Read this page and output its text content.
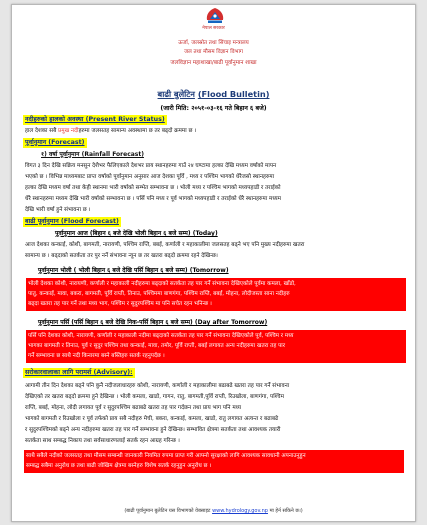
नेपाल सरकार
ऊर्जा, जलस्रोत तथा सिंचाइ मन्त्रालय
जल तथा मौसम विज्ञान विभाग
जलविज्ञान महाशाखा/बाढी पूर्वानुमान शाखा
बाढी बुलेटिन (Flood Bulletin)
(जारी मिति: २०५१-०३-१६ गते बिहान ६ बजे)
नदीहरुको हालको अवस्था (Present River Status)
हाल देशका सबै प्रमुख नदीहरुमा जलसतह सामान्य अवस्थामा छ तर बढ्दो क्रममा छ ।
पूर्वानुमान (Forecast)
१) वर्षा पूर्वानुमान (Rainfall Forecast)
विगत ३ दिन देखि सक्रिय मनसुन देशैभर फैलिएकाले देशभर प्राय स्थानहरुमा गाउँ २४ घण्टामा हल्का देखि मध्यम वर्षाको मापन
भएको छ । विभिन्न माध्यमबाट प्राप्त वर्षाको पूर्वानुमान अनुसार आज देशका पूर्वि , मध्य र पश्चिम भागको धेरैजसो स्थानहरुमा
हल्का देखि मध्यम वर्षा तथा केही स्थानमा भारी वर्षाको सम्भेत सम्भावना छ । भोली मध्य र पश्चिम भागको मध्यपहाडी र तराईको
धेरै स्थानहरुमा मध्यम देखि भारी वर्षाको सम्भावना छ । पर्सि पनि मध्य र पूर्व भागको मध्यपहाडी र तराईको धेरै स्थानहरुमा मध्यम
देखि भारी वर्षा हुने संभावना छ ।
बाढी पूर्वानुमान (Flood Forecast)
पूर्वानुमान आज (बिहान ६ बजे देखि भोली बिहान ६ बजे सम्म) (Today)
आज देशका कन्काई, कोशी, बागमती, नारायणी, पश्चिम राप्ति, बबई, कर्णाली र महाकालीमा जलसतह बढ्ने भए पनि मुख्य नदीहरुमा खतरा
सामान्य छ । बढ्दाको सतर्कता तर पुर नर्ने संभावना न्यून छ तर खतरा बढ्दो क्रममा रहने देखिन्छ।
पूर्वानुमान भोली ( भोली बिहान ६ बजे देखि पर्सि बिहान ६ बजे सम्म) (Tomorrow)
भोली देशका कोशी, नारायणी, कर्णाली र महाकाली नदीहरुमा बढ्दाको सतर्कता तह पार गर्ने संभावना देखिएकोले पूर्वमा कमला, खाँडो,
पातु, कन्काई, मावा, बकरा, बागमती, पूर्वि राप्ती, तिनाउ, पश्चिममा बाणगंगा, पश्चिम राप्ति, बबई, मोहना, लोदीजस्ता साना नदीहरु
बढ्दा खतरा तह पार गर्ने तथा मध्य भाग, पश्चिम र सुदुरपश्चिम मा पनि सचेत रहन भनिन्छ ।
पूर्वानुमान पर्सि (पर्सि बिहान ६ बजे देखि निक-पर्सि बिहान ६ बजे सम्म) (Day after Tomorrow)
पर्सि पनि देशका कोशी, नारायणी, कर्णाली र महाकाली नदीमा बढ्दाको सतर्कता तह पार गर्ने संभावना देखिएकोले पूर्व, पश्चिम र मध्य
भागका बागमती र तिनाउ, पूर्व र सुदुर पश्चिम तथा कन्काई, मावा, तमोर, पूर्वि राप्ती, बबई लगायत अन्य नदीहरुमा खतरा तह पार
गर्ने सम्भावना छ साथै नदी किनारमा बस्ने बस्तिहरु सतर्क रहनुपर्दछ ।
सरोकारवालाका लागि परामर्श (Advisory):
आगामी तीन दिन देशका बढ्ने पनि कुनै नदीजलाधारहरु कोशी, नारायणी, कर्णाली र महाकालीमा बढाबढे खतरा तह पार गर्ने संभावना
देखिएको तर खतरा बढ्दो क्रममा हुने देखिन्छ । भोली कमला, खाडो, गागन, रातु, बागमती,पूर्वि राप्ती, रिउखोला, बाणगंगा, पश्चिम
राप्ति, बबई, मोहना, लोदी लगायत पूर्व र सुदुरपश्चिम बढाबढे खतरा तह पार गर्दछन तथा प्राय भाग पनि मध्य
भागको बागमती र रिउखोला र पूर्व तर्फको प्राय सबै नदीहरु मेची, बकरा, कन्काई, कमला, खाडो, रातु लगायत अत्यन्त र बढाबढे
र सुदुरपश्चिमको बढ्ने अन्य नदीहरुमा खतरा तह पार गर्ने सम्भावना हुने देखिन्छ। सम्भावित क्षेत्रमा सतर्कता तथा आवश्यक तयारी
सतर्कता साथ सम्बद्ध निकाय तथा सर्वसाधारणलाई सतर्क रहन आग्रह गरिन्छ ।
साथै सबैले नदीको जलसतह तथा मौसम सम्बन्धी जानकारी नियमित रुपमा प्राप्त गरी आफ्नो सुरक्षाको लागि आवश्यक सावधानी अपनाउनुहुन
सम्बद्ध सबैमा अनुरोध छ तथा बाढी जोखिम क्षेत्रमा बस्नेहरु विशेष सतर्क रहनुहुन अनुरोध छ ।
(बाढी पूर्वानुमान बुलेटिन यस विभागको वेबसाइट www.hydrology.gov.np मा हेर्न सकिने छ।)
